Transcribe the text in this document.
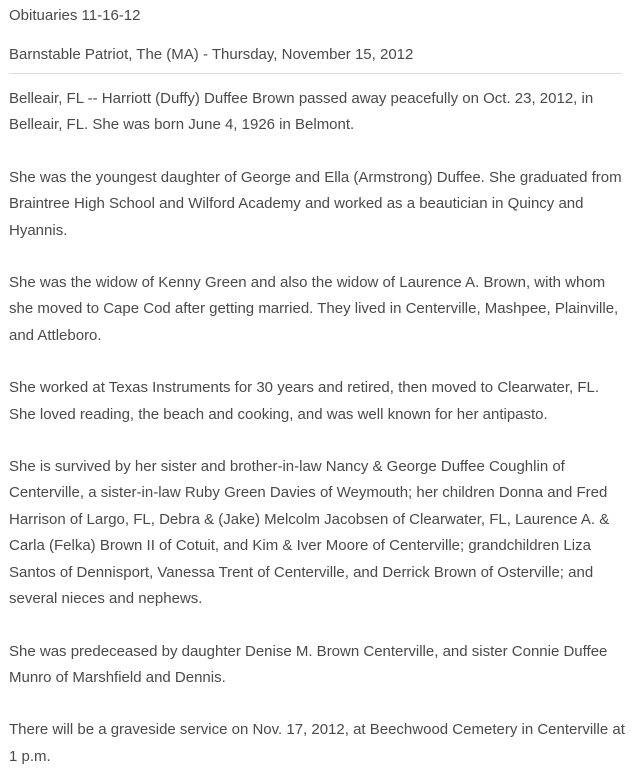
Obituaries 11-16-12

Barnstable Patriot, The (MA) - Thursday, November 15, 2012

Belleair, FL -- Harriott (Duffy) Duffee Brown passed away peacefully on Oct. 23, 2012, in Belleair, FL. She was born June 4, 1926 in Belmont.

She was the youngest daughter of George and Ella (Armstrong) Duffee. She graduated from Braintree High School and Wilford Academy and worked as a beautician in Quincy and Hyannis.

She was the widow of Kenny Green and also the widow of Laurence A. Brown, with whom she moved to Cape Cod after getting married. They lived in Centerville, Mashpee, Plainville, and Attleboro.

She worked at Texas Instruments for 30 years and retired, then moved to Clearwater, FL. She loved reading, the beach and cooking, and was well known for her antipasto.

She is survived by her sister and brother-in-law Nancy & George Duffee Coughlin of Centerville, a sister-in-law Ruby Green Davies of Weymouth; her children Donna and Fred Harrison of Largo, FL, Debra & (Jake) Melcolm Jacobsen of Clearwater, FL, Laurence A. & Carla (Felka) Brown II of Cotuit, and Kim & Iver Moore of Centerville; grandchildren Liza Santos of Dennisport, Vanessa Trent of Centerville, and Derrick Brown of Osterville; and several nieces and nephews.

She was predeceased by daughter Denise M. Brown Centerville, and sister Connie Duffee Munro of Marshfield and Dennis.

There will be a graveside service on Nov. 17, 2012, at Beechwood Cemetery in Centerville at 1 p.m.
